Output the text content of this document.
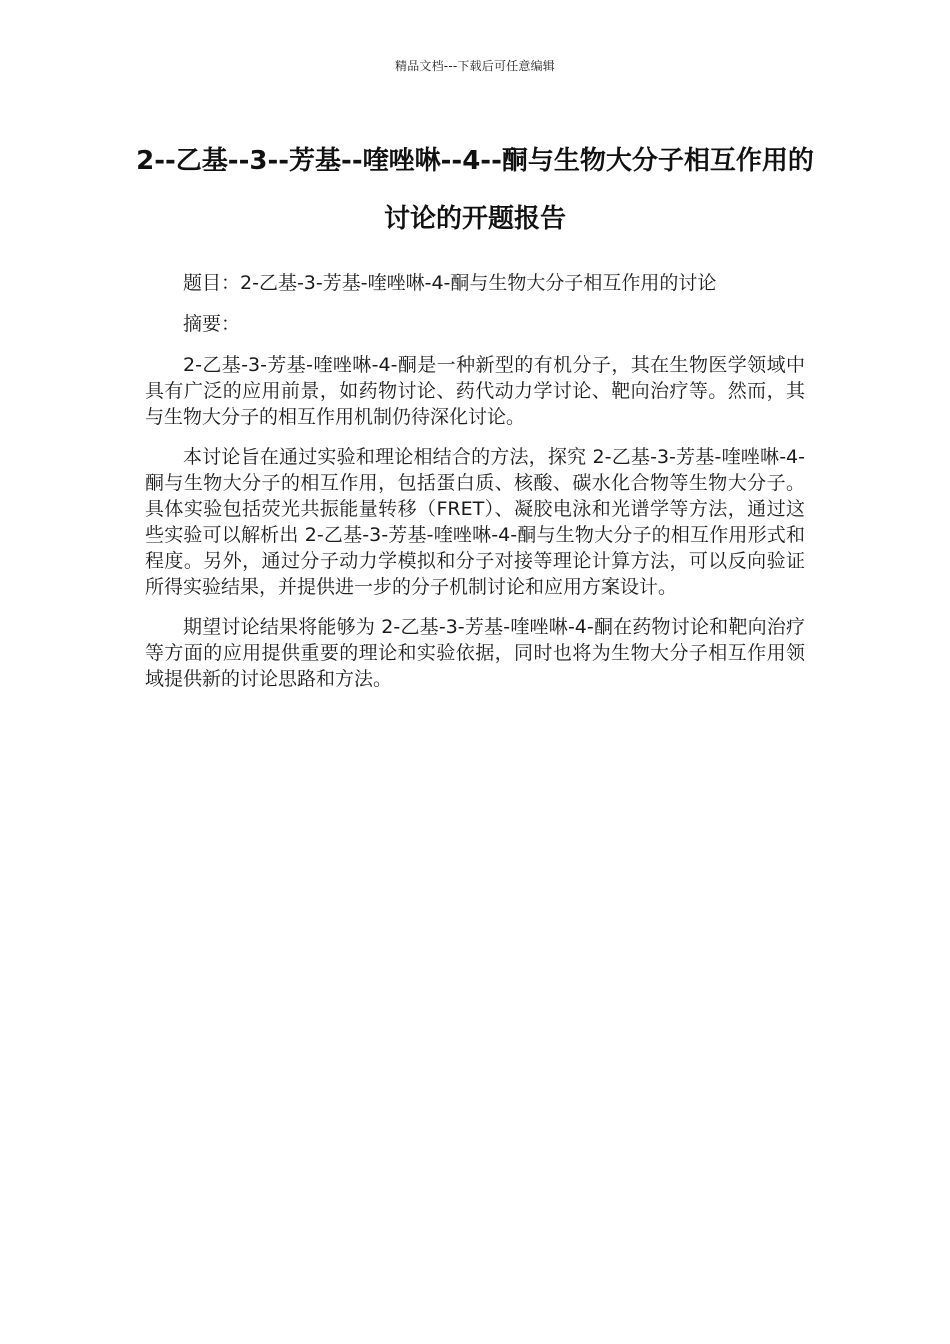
精品文档---下载后可任意编辑
2--乙基--3--芳基--喹唑啉--4--酮与生物大分子相互作用的讨论的开题报告

题目：2-乙基-3-芳基-喹唑啉-4-酮与生物大分子相互作用的讨论

摘要：

2-乙基-3-芳基-喹唑啉-4-酮是一种新型的有机分子，其在生物医学领域中具有广泛的应用前景，如药物讨论、药代动力学讨论、靶向治疗等。然而，其与生物大分子的相互作用机制仍待深化讨论。

本讨论旨在通过实验和理论相结合的方法，探究 2-乙基-3-芳基-喹唑啉-4-酮与生物大分子的相互作用，包括蛋白质、核酸、碳水化合物等生物大分子。具体实验包括荧光共振能量转移（FRET）、凝胶电泳和光谱学等方法，通过这些实验可以解析出 2-乙基-3-芳基-喹唑啉-4-酮与生物大分子的相互作用形式和程度。另外，通过分子动力学模拟和分子对接等理论计算方法，可以反向验证所得实验结果，并提供进一步的分子机制讨论和应用方案设计。

期望讨论结果将能够为 2-乙基-3-芳基-喹唑啉-4-酮在药物讨论和靶向治疗等方面的应用提供重要的理论和实验依据，同时也将为生物大分子相互作用领域提供新的讨论思路和方法。
